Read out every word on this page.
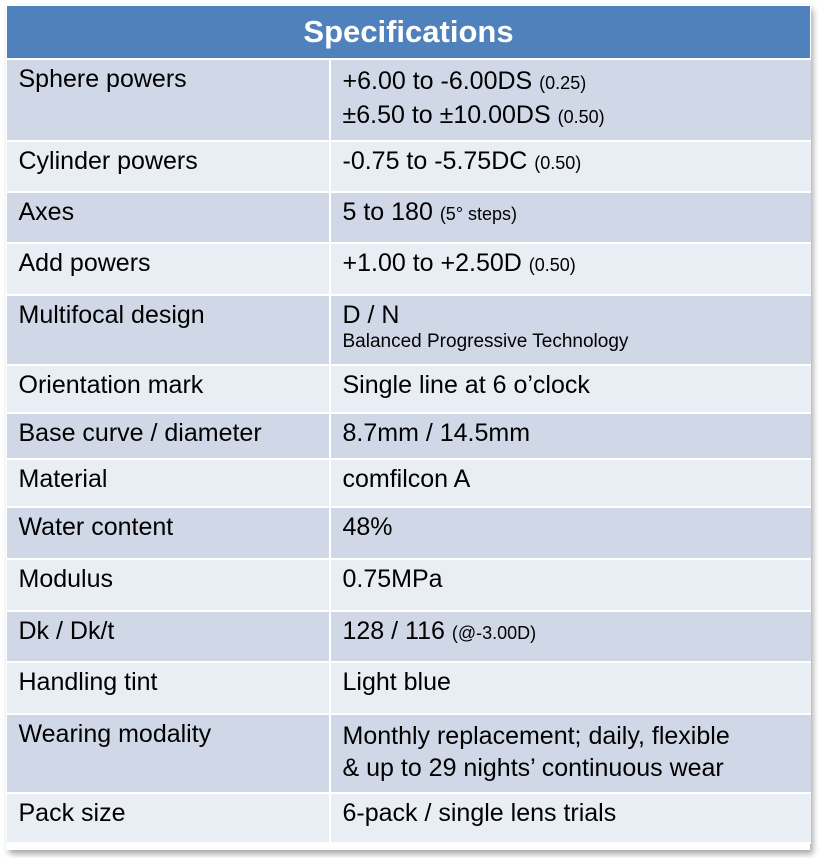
Specifications	
Sphere powers	+6.00 to -6.00DS (0.25)
±6.50 to ±10.00DS (0.50)

Cylinder powers	-0.75 to -5.75DC (0.50)
Axes	5 to 180 (5° steps)
Add powers	+1.00 to +2.50D (0.50)
Multifocal design	D / N
Balanced Progressive Technology

Orientation mark	Single line at 6 o’clock
Base curve / diameter	8.7mm / 14.5mm
Material	comfilcon A
Water content	48%
Modulus	0.75MPa
Dk / Dk/t	128 / 116 (@-3.00D)
Handling tint	Light blue
Wearing modality	Monthly replacement; daily, flexible
& up to 29 nights’ continuous wear

Pack size	6-pack / single lens trials
